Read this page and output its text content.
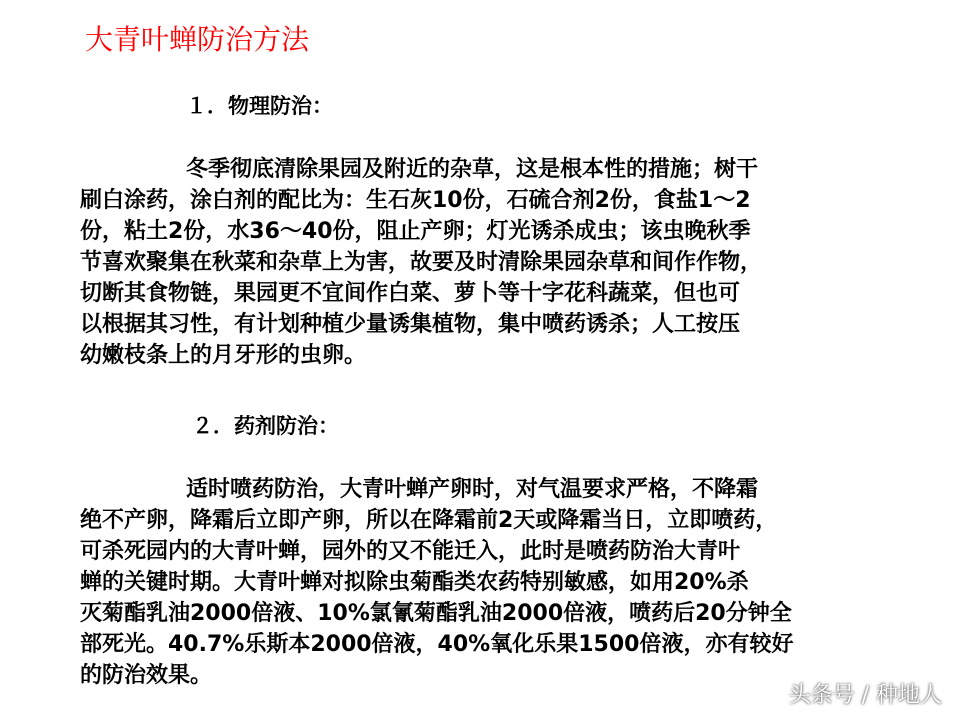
大青叶蝉防治方法
１．物理防治：
冬季彻底清除果园及附近的杂草，这是根本性的措施；树干
刷白涂药，涂白剂的配比为：生石灰10份，石硫合剂2份，食盐1～2
份，粘土2份，水36～40份，阻止产卵；灯光诱杀成虫；该虫晚秋季
节喜欢聚集在秋菜和杂草上为害，故要及时清除果园杂草和间作作物，
切断其食物链，果园更不宜间作白菜、萝卜等十字花科蔬菜，但也可
以根据其习性，有计划种植少量诱集植物，集中喷药诱杀；人工按压
幼嫩枝条上的月牙形的虫卵。
２．药剂防治：
适时喷药防治，大青叶蝉产卵时，对气温要求严格，不降霜
绝不产卵，降霜后立即产卵，所以在降霜前2天或降霜当日，立即喷药，
可杀死园内的大青叶蝉，园外的又不能迁入，此时是喷药防治大青叶
蝉的关键时期。大青叶蝉对拟除虫菊酯类农药特别敏感，如用20%杀
灭菊酯乳油2000倍液、10%氯氰菊酯乳油2000倍液，喷药后20分钟全
部死光。40.7%乐斯本2000倍液，40%氧化乐果1500倍液，亦有较好
的防治效果。
头条号 / 种地人
